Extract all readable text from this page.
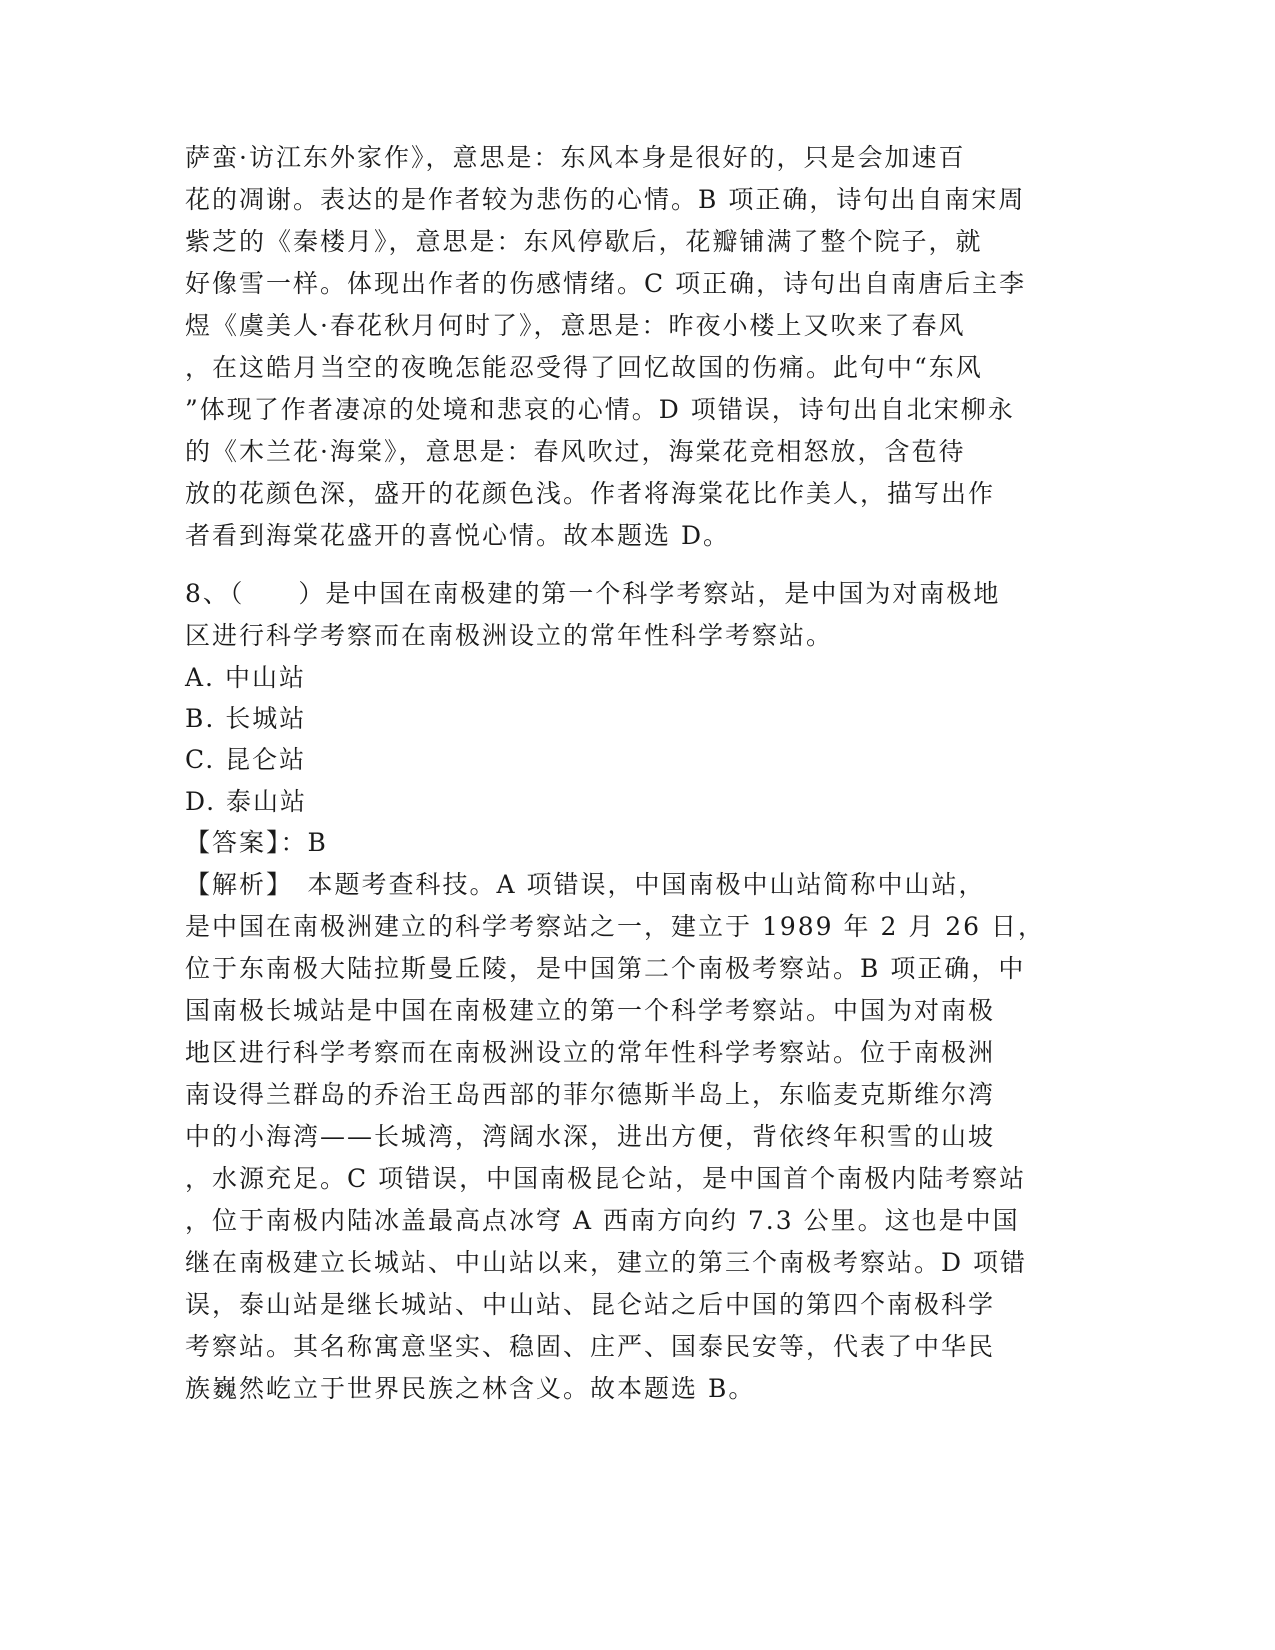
萨蛮·访江东外家作》，意思是：东风本身是很好的，只是会加速百
花的凋谢。表达的是作者较为悲伤的心情。B 项正确，诗句出自南宋周
紫芝的《秦楼月》，意思是：东风停歇后，花瓣铺满了整个院子，就
好像雪一样。体现出作者的伤感情绪。C 项正确，诗句出自南唐后主李
煜《虞美人·春花秋月何时了》，意思是：昨夜小楼上又吹来了春风
，在这皓月当空的夜晚怎能忍受得了回忆故国的伤痛。此句中“东风
”体现了作者凄凉的处境和悲哀的心情。D 项错误，诗句出自北宋柳永
的《木兰花·海棠》，意思是：春风吹过，海棠花竞相怒放，含苞待
放的花颜色深，盛开的花颜色浅。作者将海棠花比作美人，描写出作
者看到海棠花盛开的喜悦心情。故本题选 D。
8、（　　）是中国在南极建的第一个科学考察站，是中国为对南极地
区进行科学考察而在南极洲设立的常年性科学考察站。
A. 中山站
B. 长城站
C. 昆仑站
D. 泰山站
【答案】：B
【解析】　本题考查科技。A 项错误，中国南极中山站简称中山站，
是中国在南极洲建立的科学考察站之一，建立于 1989 年 2 月 26 日，
位于东南极大陆拉斯曼丘陵，是中国第二个南极考察站。B 项正确，中
国南极长城站是中国在南极建立的第一个科学考察站。中国为对南极
地区进行科学考察而在南极洲设立的常年性科学考察站。位于南极洲
南设得兰群岛的乔治王岛西部的菲尔德斯半岛上，东临麦克斯维尔湾
中的小海湾——长城湾，湾阔水深，进出方便，背依终年积雪的山坡
，水源充足。C 项错误，中国南极昆仑站，是中国首个南极内陆考察站
，位于南极内陆冰盖最高点冰穹 A 西南方向约 7.3 公里。这也是中国
继在南极建立长城站、中山站以来，建立的第三个南极考察站。D 项错
误，泰山站是继长城站、中山站、昆仑站之后中国的第四个南极科学
考察站。其名称寓意坚实、稳固、庄严、国泰民安等，代表了中华民
族巍然屹立于世界民族之林含义。故本题选 B。
